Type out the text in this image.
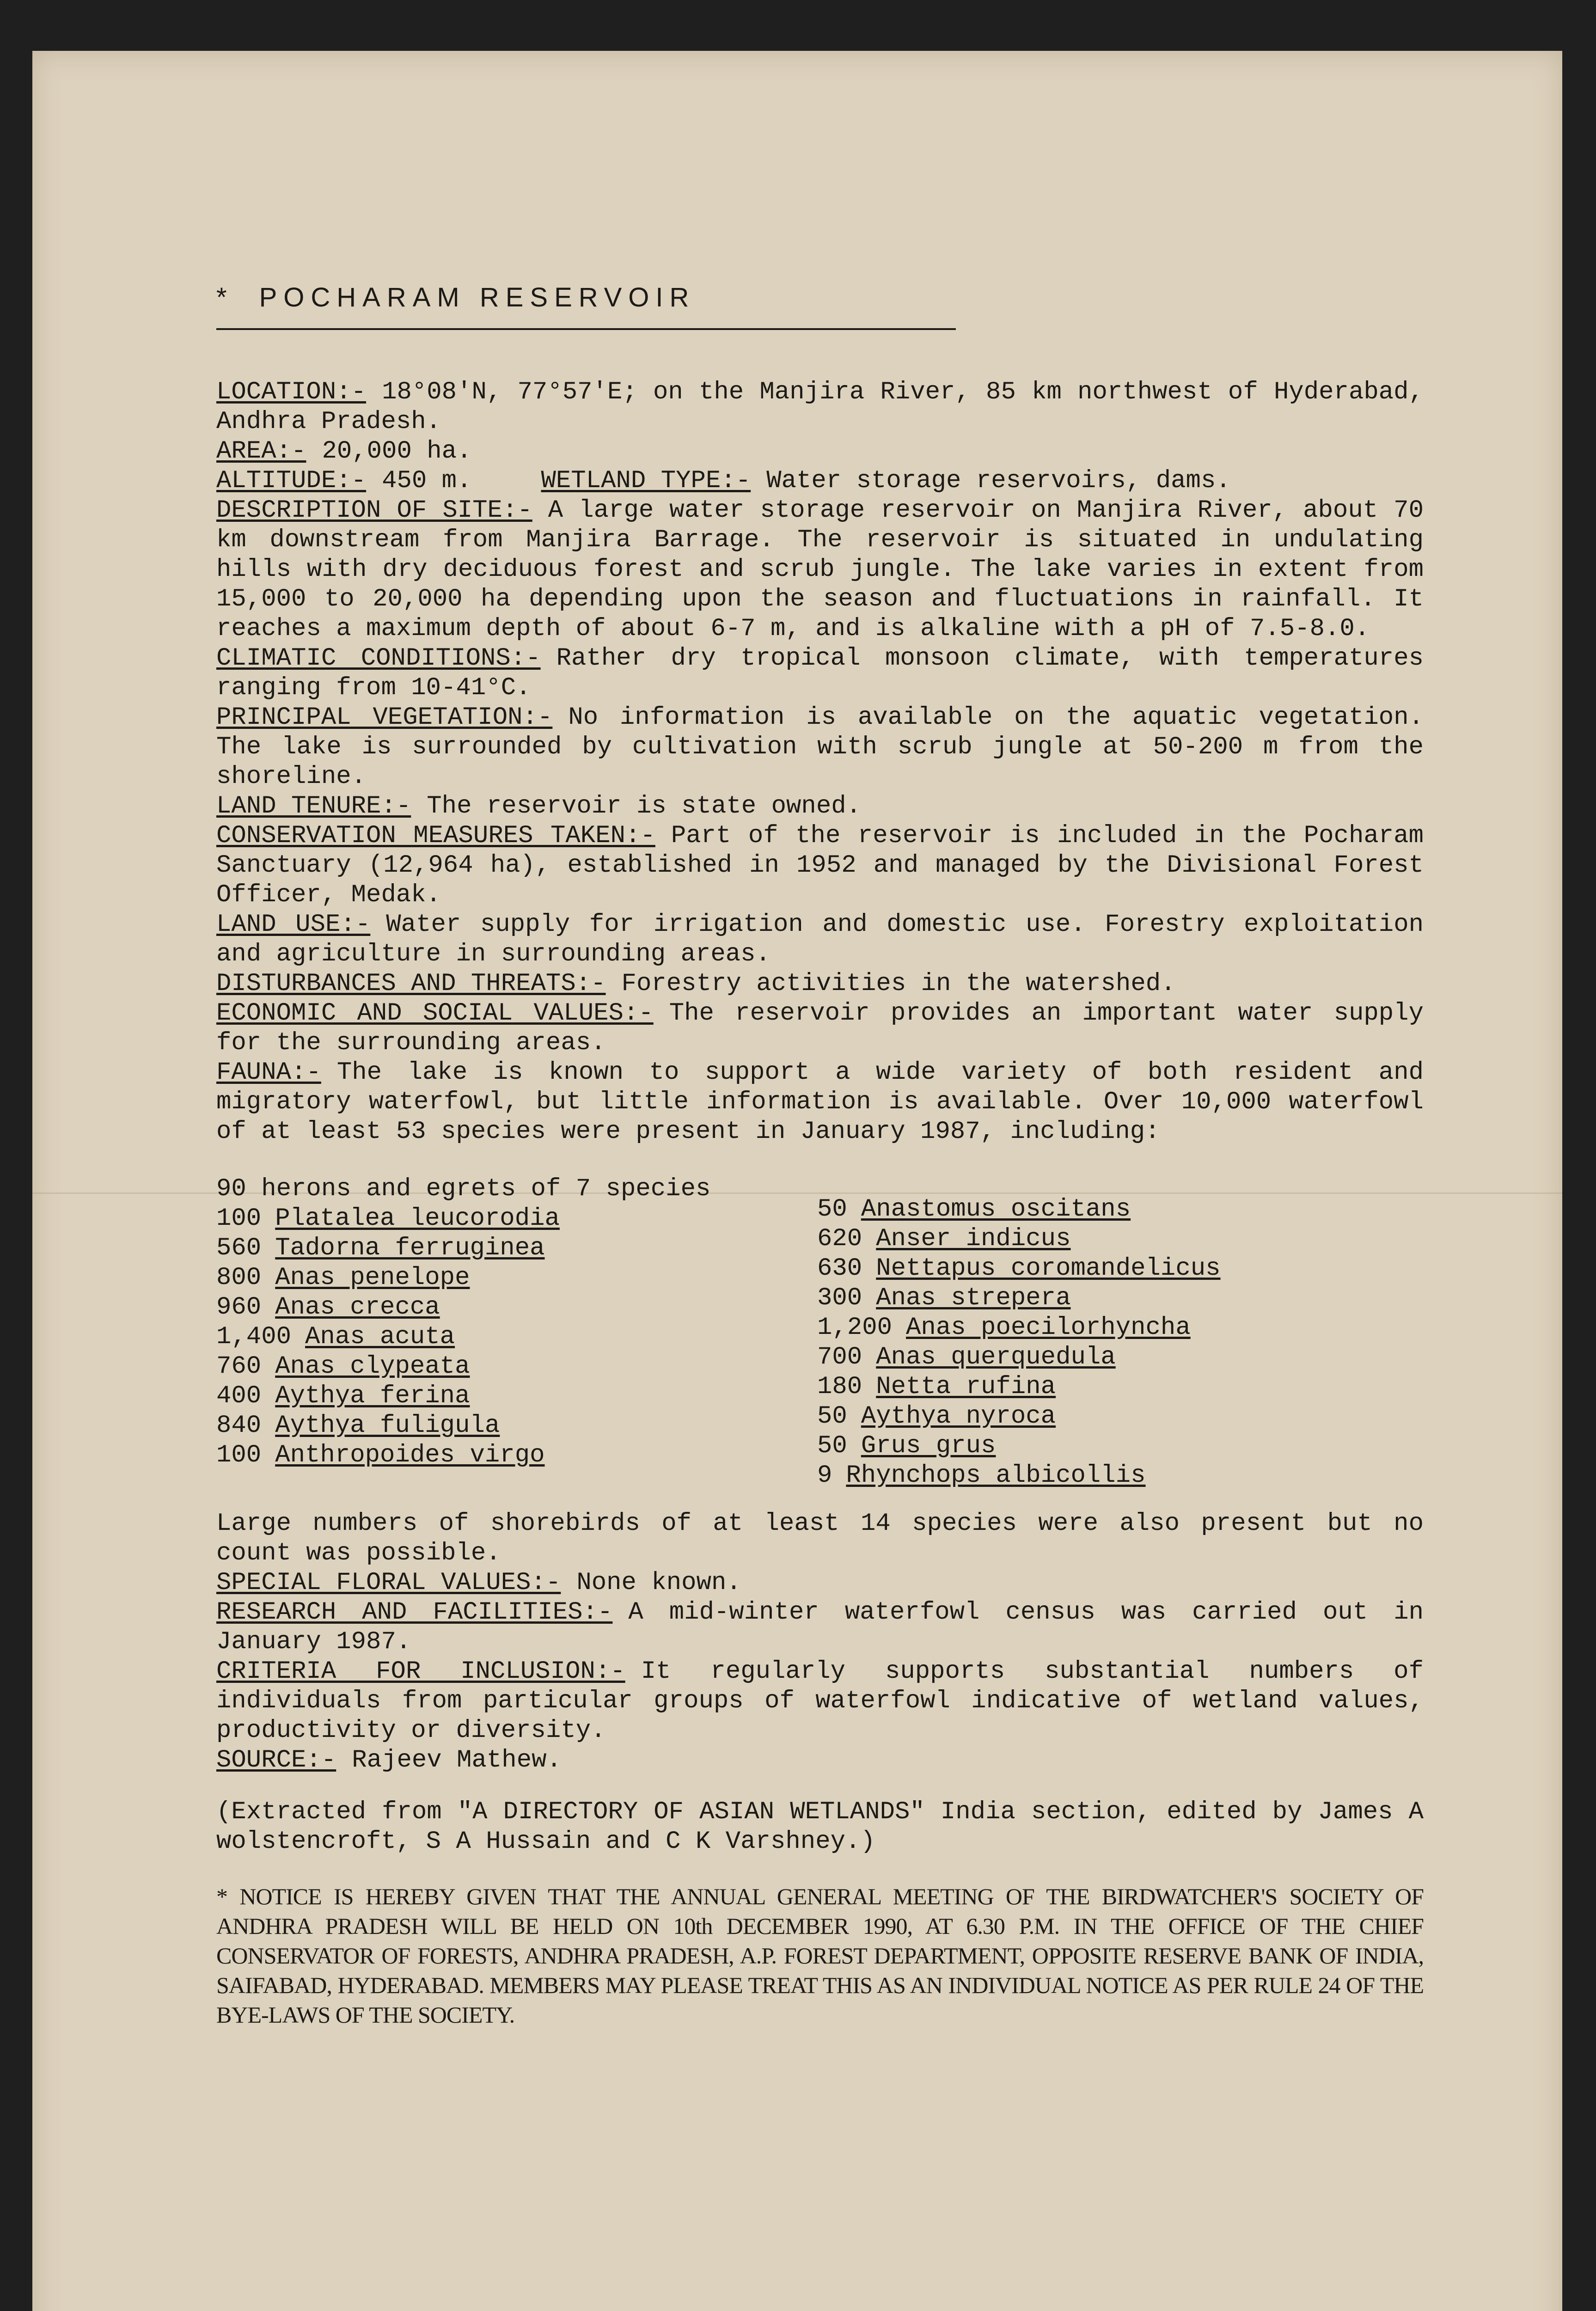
* POCHARAM RESERVOIR

LOCATION:- 18°08'N, 77°57'E; on the Manjira River, 85 km northwest of Hyderabad, Andhra Pradesh.

AREA:- 20,000 ha.

ALTITUDE:- 450 m.	WETLAND TYPE:- Water storage reservoirs, dams.

DESCRIPTION OF SITE:- A large water storage reservoir on Manjira River, about 70 km downstream from Manjira Barrage. The reservoir is situated in undulating hills with dry deciduous forest and scrub jungle. The lake varies in extent from 15,000 to 20,000 ha depending upon the season and fluctuations in rainfall. It reaches a maximum depth of about 6-7 m, and is alkaline with a pH of 7.5-8.0.

CLIMATIC CONDITIONS:- Rather dry tropical monsoon climate, with temperatures ranging from 10-41°C.

PRINCIPAL VEGETATION:- No information is available on the aquatic vegetation. The lake is surrounded by cultivation with scrub jungle at 50-200 m from the shoreline.

LAND TENURE:- The reservoir is state owned.

CONSERVATION MEASURES TAKEN:- Part of the reservoir is included in the Pocharam Sanctuary (12,964 ha), established in 1952 and managed by the Divisional Forest Officer, Medak.

LAND USE:- Water supply for irrigation and domestic use. Forestry exploitation and agriculture in surrounding areas.

DISTURBANCES AND THREATS:- Forestry activities in the watershed.

ECONOMIC AND SOCIAL VALUES:- The reservoir provides an important water supply for the surrounding areas.

FAUNA:- The lake is known to support a wide variety of both resident and migratory waterfowl, but little information is available. Over 10,000 waterfowl of at least 53 species were present in January 1987, including:

90 herons and egrets of 7 species
100 Platalea leucorodia
560 Tadorna ferruginea
800 Anas penelope
960 Anas crecca
1,400 Anas acuta
760 Anas clypeata
400 Aythya ferina
840 Aythya fuligula
100 Anthropoides virgo
50 Anastomus oscitans
620 Anser indicus
630 Nettapus coromandelicus
300 Anas strepera
1,200 Anas poecilorhyncha
700 Anas querquedula
180 Netta rufina
50 Aythya nyroca
50 Grus grus
9 Rhynchops albicollis

Large numbers of shorebirds of at least 14 species were also present but no count was possible.

SPECIAL FLORAL VALUES:- None known.

RESEARCH AND FACILITIES:- A mid-winter waterfowl census was carried out in January 1987.

CRITERIA FOR INCLUSION:- It regularly supports substantial numbers of individuals from particular groups of waterfowl indicative of wetland values, productivity or diversity.

SOURCE:- Rajeev Mathew.

(Extracted from "A DIRECTORY OF ASIAN WETLANDS" India section, edited by James A wolstencroft, S A Hussain and C K Varshney.)
* NOTICE IS HEREBY GIVEN THAT THE ANNUAL GENERAL MEETING OF THE BIRDWATCHER'S SOCIETY OF ANDHRA PRADESH WILL BE HELD ON 10th DECEMBER 1990, AT 6.30 P.M. IN THE OFFICE OF THE CHIEF CONSERVATOR OF FORESTS, ANDHRA PRADESH, A.P. FOREST DEPARTMENT, OPPOSITE RESERVE BANK OF INDIA, SAIFABAD, HYDERABAD. MEMBERS MAY PLEASE TREAT THIS AS AN INDIVIDUAL NOTICE AS PER RULE 24 OF THE BYE-LAWS OF THE SOCIETY.
